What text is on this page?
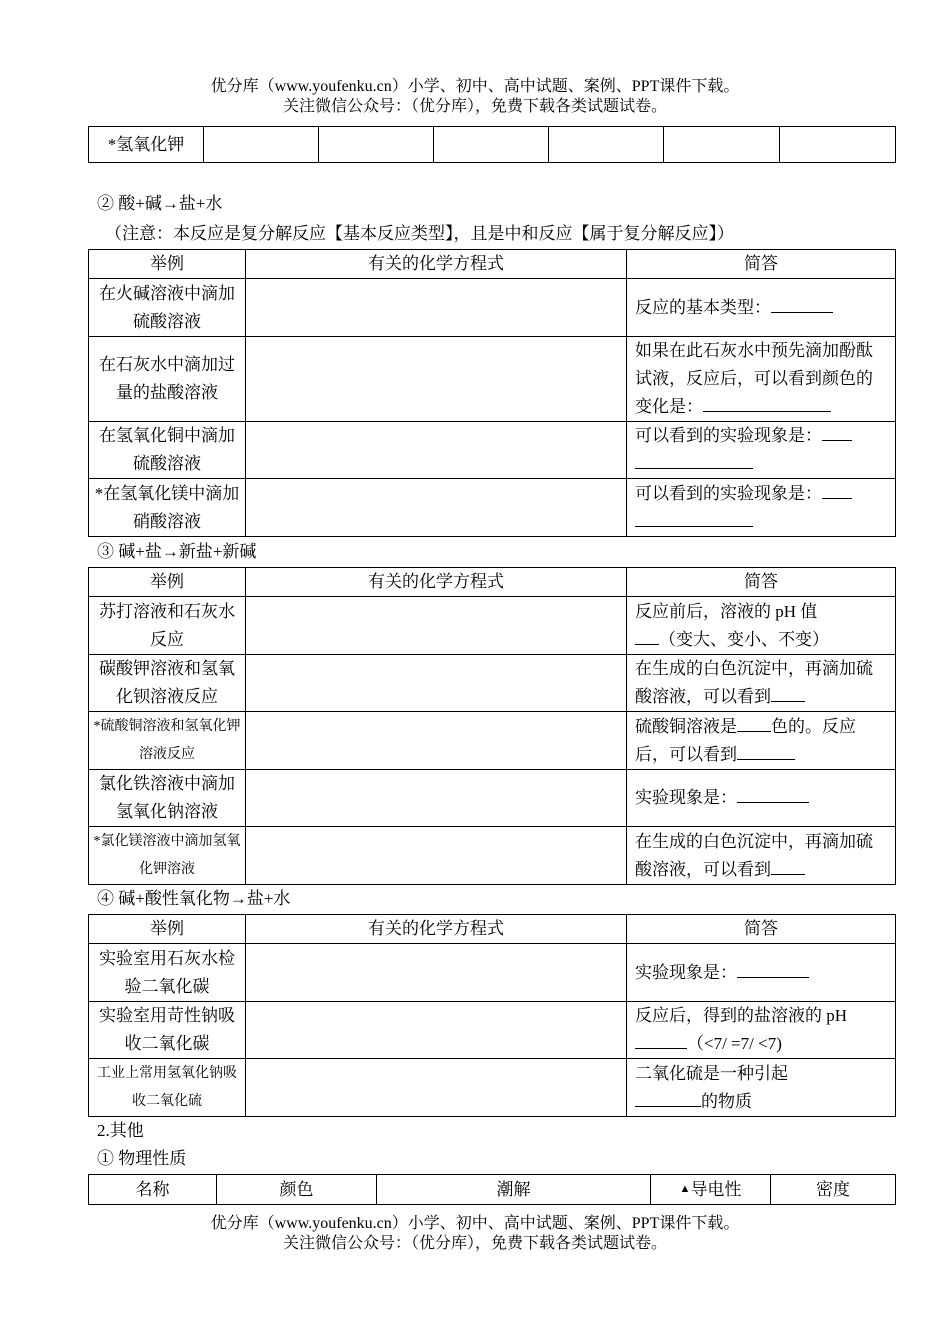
优分库（www.youfenku.cn）小学、初中、高中试题、案例、PPT课件下载。
关注微信公众号：（优分库），免费下载各类试题试卷。
*氢氧化钾						
② 酸+碱→盐+水
（注意：本反应是复分解反应【基本反应类型】，且是中和反应【属于复分解反应】）
举例	有关的化学方程式	简答
在火碱溶液中滴加硫酸溶液		反应的基本类型：
在石灰水中滴加过量的盐酸溶液		如果在此石灰水中预先滴加酚酞试液，反应后，可以看到颜色的变化是：
在氢氧化铜中滴加硫酸溶液		可以看到的实验现象是：

*在氢氧化镁中滴加硝酸溶液		可以看到的实验现象是：

③ 碱+盐→新盐+新碱
举例	有关的化学方程式	简答
苏打溶液和石灰水反应		反应前后，溶液的 pH 值
（变大、变小、不变）
碳酸钾溶液和氢氧化钡溶液反应		在生成的白色沉淀中，再滴加硫酸溶液，可以看到
*硫酸铜溶液和氢氧化钾溶液反应		硫酸铜溶液是 色的。反应后，可以看到
氯化铁溶液中滴加氢氧化钠溶液		实验现象是：
*氯化镁溶液中滴加氢氧化钾溶液		在生成的白色沉淀中，再滴加硫酸溶液，可以看到
④ 碱+酸性氧化物→盐+水
举例	有关的化学方程式	简答
实验室用石灰水检验二氧化碳		实验现象是：
实验室用苛性钠吸收二氧化碳		反应后，得到的盐溶液的 pH
（<7/ =7/ <7)
工业上常用氢氧化钠吸收二氧化硫		二氧化硫是一种引起
的物质
2.其他
① 物理性质
名称	颜色	潮解	▲导电性	密度
优分库（www.youfenku.cn）小学、初中、高中试题、案例、PPT课件下载。
关注微信公众号：（优分库），免费下载各类试题试卷。
